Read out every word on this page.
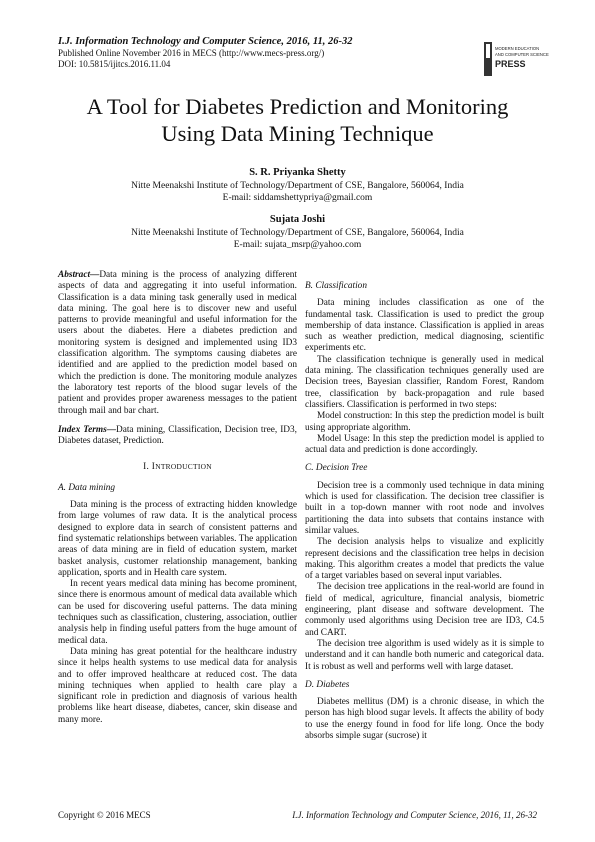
I.J. Information Technology and Computer Science, 2016, 11, 26-32
Published Online November 2016 in MECS (http://www.mecs-press.org/)
DOI: 10.5815/ijitcs.2016.11.04
MODERN EDUCATION
AND COMPUTER SCIENCE
PRESS
A Tool for Diabetes Prediction and Monitoring
Using Data Mining Technique
S. R. Priyanka Shetty
Nitte Meenakshi Institute of Technology/Department of CSE, Bangalore, 560064, India
E-mail: siddamshettypriya@gmail.com
Sujata Joshi
Nitte Meenakshi Institute of Technology/Department of CSE, Bangalore, 560064, India
E-mail: sujata_msrp@yahoo.com

Abstract—Data mining is the process of analyzing different aspects of data and aggregating it into useful information. Classification is a data mining task generally used in medical data mining. The goal here is to discover new and useful patterns to provide meaningful and useful information for the users about the diabetes. Here a diabetes prediction and monitoring system is designed and implemented using ID3 classification algorithm. The symptoms causing diabetes are identified and are applied to the prediction model based on which the prediction is done. The monitoring module analyzes the laboratory test reports of the blood sugar levels of the patient and provides proper awareness messages to the patient through mail and bar chart.

Index Terms—Data mining, Classification, Decision tree, ID3, Diabetes dataset, Prediction.

I. INTRODUCTION
A. Data mining

Data mining is the process of extracting hidden knowledge from large volumes of raw data. It is the analytical process designed to explore data in search of consistent patterns and find systematic relationships between variables. The application areas of data mining are in field of education system, market basket analysis, customer relationship management, banking application, sports and in Health care system.

In recent years medical data mining has become prominent, since there is enormous amount of medical data available which can be used for discovering useful patterns. The data mining techniques such as classification, clustering, association, outlier analysis help in finding useful patters from the huge amount of medical data.

Data mining has great potential for the healthcare industry since it helps health systems to use medical data for analysis and to offer improved healthcare at reduced cost. The data mining techniques when applied to health care play a significant role in prediction and diagnosis of various health problems like heart disease, diabetes, cancer, skin disease and many more.

B. Classification

Data mining includes classification as one of the fundamental task. Classification is used to predict the group membership of data instance. Classification is applied in areas such as weather prediction, medical diagnosing, scientific experiments etc.

The classification technique is generally used in medical data mining. The classification techniques generally used are Decision trees, Bayesian classifier, Random Forest, Random tree, classification by back-propagation and rule based classifiers. Classification is performed in two steps:

Model construction: In this step the prediction model is built using appropriate algorithm.

Model Usage: In this step the prediction model is applied to actual data and prediction is done accordingly.

C. Decision Tree

Decision tree is a commonly used technique in data mining which is used for classification. The decision tree classifier is built in a top-down manner with root node and involves partitioning the data into subsets that contains instance with similar values.

The decision analysis helps to visualize and explicitly represent decisions and the classification tree helps in decision making. This algorithm creates a model that predicts the value of a target variables based on several input variables.

The decision tree applications in the real-world are found in field of medical, agriculture, financial analysis, biometric engineering, plant disease and software development. The commonly used algorithms using Decision tree are ID3, C4.5 and CART.

The decision tree algorithm is used widely as it is simple to understand and it can handle both numeric and categorical data. It is robust as well and performs well with large dataset.

D. Diabetes

Diabetes mellitus (DM) is a chronic disease, in which the person has high blood sugar levels. It affects the ability of body to use the energy found in food for life long. Once the body absorbs simple sugar (sucrose) it

Copyright © 2016 MECS	I.J. Information Technology and Computer Science, 2016, 11, 26-32
